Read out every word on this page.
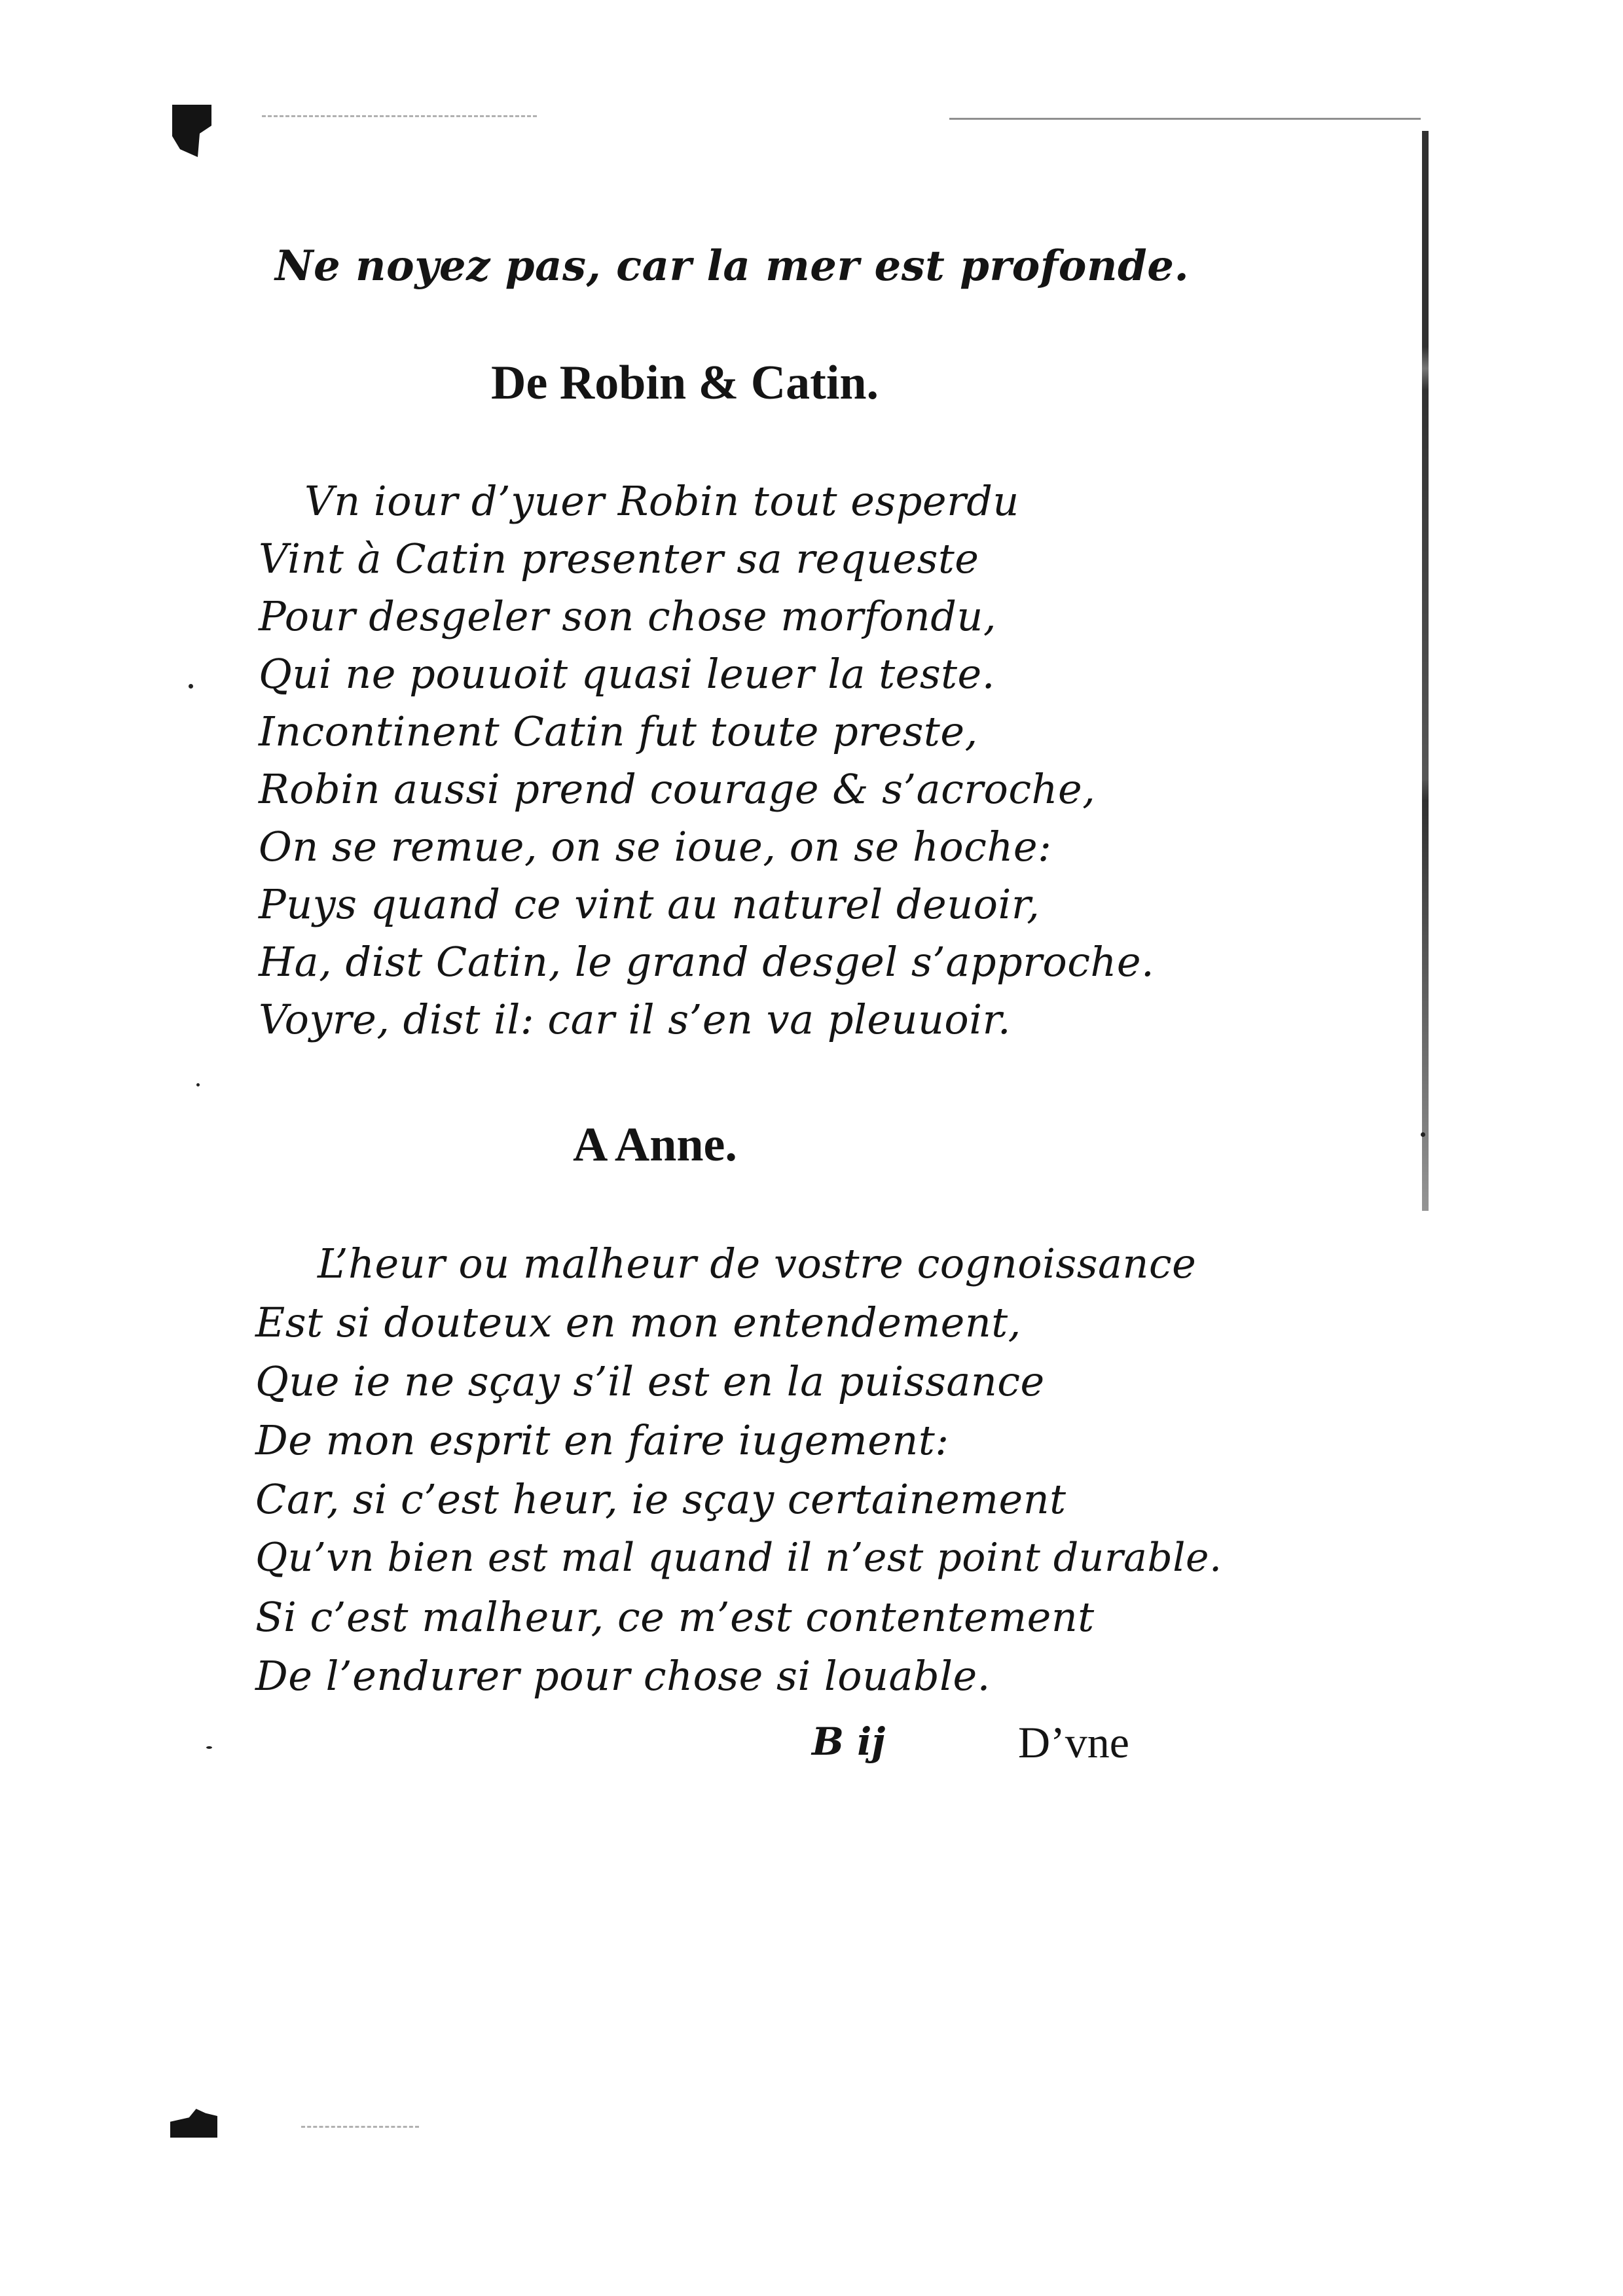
Ne noyez pas, car la mer est profonde.

De Robin & Catin.

Vn iour d’yuer Robin tout esperdu

Vint à Catin presenter sa requeste

Pour desgeler son chose morfondu,

Qui ne pouuoit quasi leuer la teste.

Incontinent Catin fut toute preste,

Robin aussi prend courage & s’acroche,

On se remue, on se ioue, on se hoche:

Puys quand ce vint au naturel deuoir,

Ha, dist Catin, le grand desgel s’approche.

Voyre, dist il: car il s’en va pleuuoir.

A Anne.

L’heur ou malheur de vostre cognoissance

Est si douteux en mon entendement,

Que ie ne sçay s’il est en la puissance

De mon esprit en faire iugement:

Car, si c’est heur, ie sçay certainement

Qu’vn bien est mal quand il n’est point durable.

Si c’est malheur, ce m’est contentement

De l’endurer pour chose si louable.

B ij	D’vne
